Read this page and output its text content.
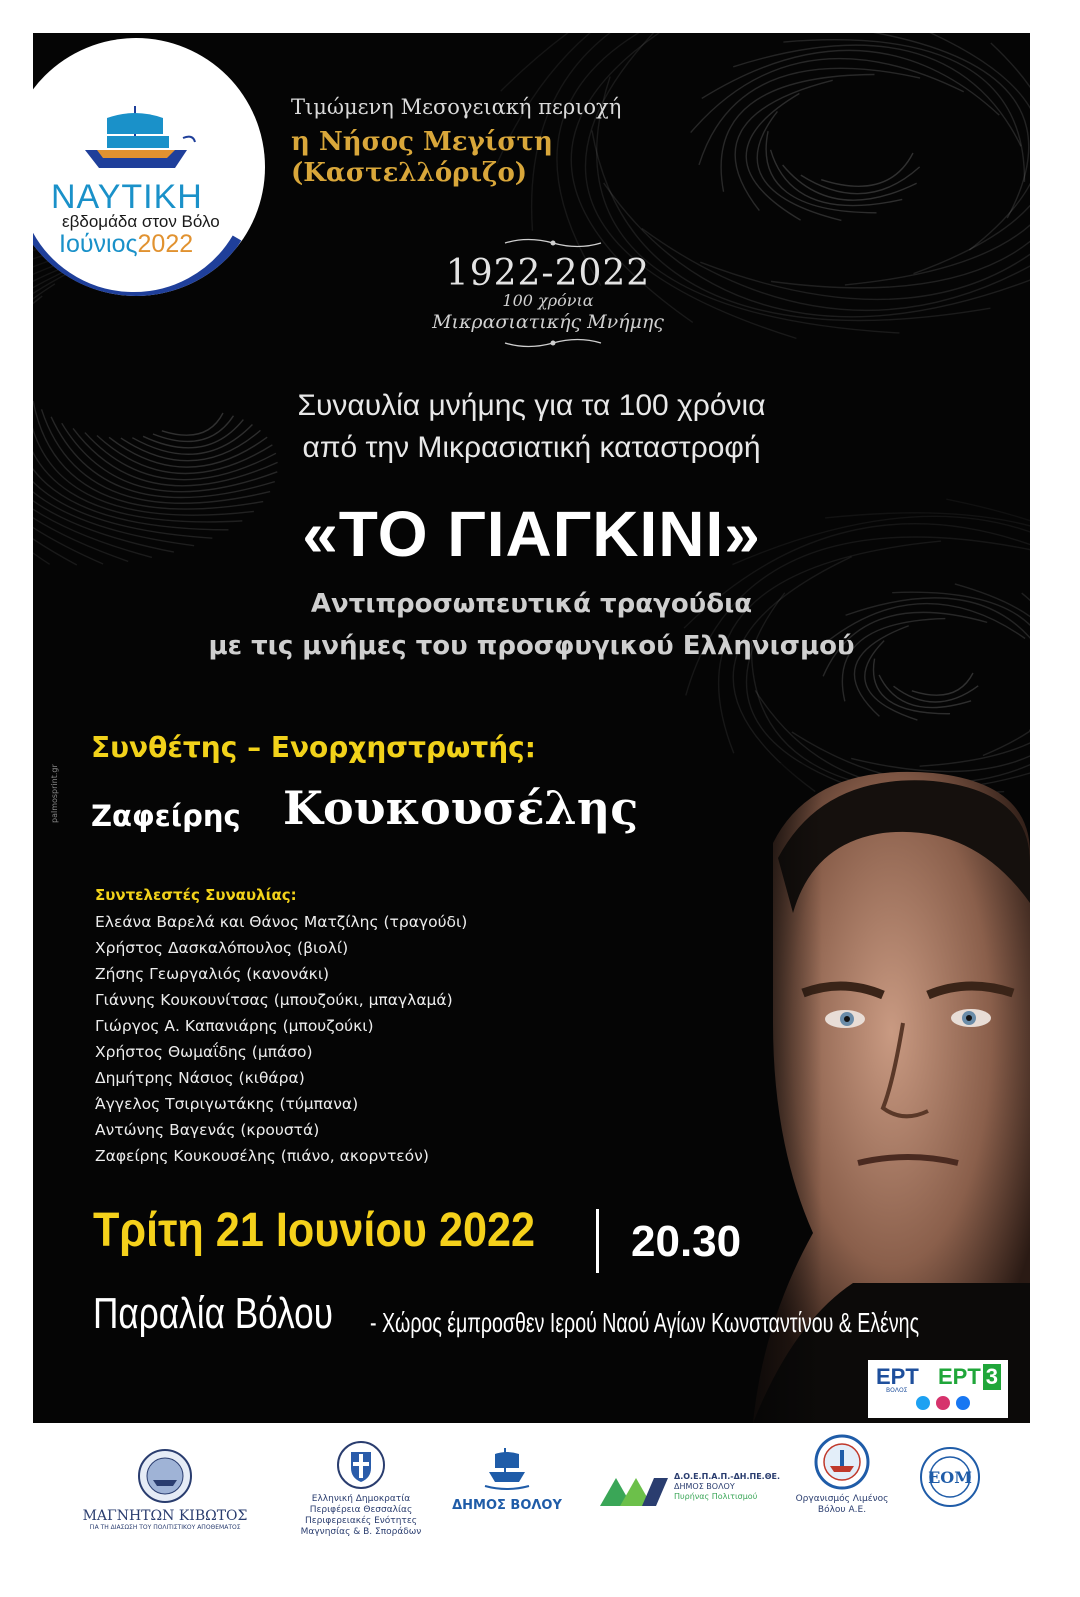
ΝΑΥΤΙΚΗ
εβδομάδα στον Βόλο
Ιούνιος2022
Τιμώμενη Μεσογειακή περιοχή
η Νήσος Μεγίστη
(Καστελλόριζο)
1922-2022
100 χρόνια
Μικρασιατικής Μνήμης
Συναυλία μνήμης για τα 100 χρόνια
από την Μικρασιατική καταστροφή
«ΤΟ ΓΙΑΓΚΙΝΙ»
Αντιπροσωπευτικά τραγούδια
με τις μνήμες του προσφυγικού Ελληνισμού
Συνθέτης – Ενορχηστρωτής:
Ζαφείρης Κουκουσέλης
Συντελεστές Συναυλίας:
Ελεάνα Βαρελά και Θάνος Ματζίλης (τραγούδι)
Χρήστος Δασκαλόπουλος (βιολί)
Ζήσης Γεωργαλιός (κανονάκι)
Γιάννης Κουκουνίτσας (μπουζούκι, μπαγλαμά)
Γιώργος Α. Καπανιάρης (μπουζούκι)
Χρήστος Θωμαΐδης (μπάσο)
Δημήτρης Νάσιος (κιθάρα)
Άγγελος Τσιριγωτάκης (τύμπανα)
Αντώνης Βαγενάς (κρουστά)
Ζαφείρης Κουκουσέλης (πιάνο, ακορντεόν)
palmosprint.gr
Τρίτη 21 Ιουνίου 2022 20.30
Παραλία Βόλου - Χώρος έμπροσθεν Ιερού Ναού Αγίων Κωνσταντίνου & Ελένης
ΕΡΤ
ΒΟΛΟΣ
ΕΡΤ 3
ΜΑΓΝΗΤΩΝ ΚΙΒΩΤΟΣ
ΓΙΑ ΤΗ ΔΙΑΣΩΣΗ ΤΟΥ ΠΟΛΙΤΙΣΤΙΚΟΥ ΑΠΟΘΕΜΑΤΟΣ
Ελληνική Δημοκρατία
Περιφέρεια Θεσσαλίας
Περιφερειακές Ενότητες
Μαγνησίας & Β. Σποράδων
ΔΗΜΟΣ ΒΟΛΟΥ
Δ.Ο.Ε.Π.Α.Π.-ΔΗ.ΠΕ.ΘΕ.
ΔΗΜΟΣ ΒΟΛΟΥ
Πυρήνας Πολιτισμού	Οργανισμός Λιμένος
Βόλου Α.Ε.
ΕΟΜ
